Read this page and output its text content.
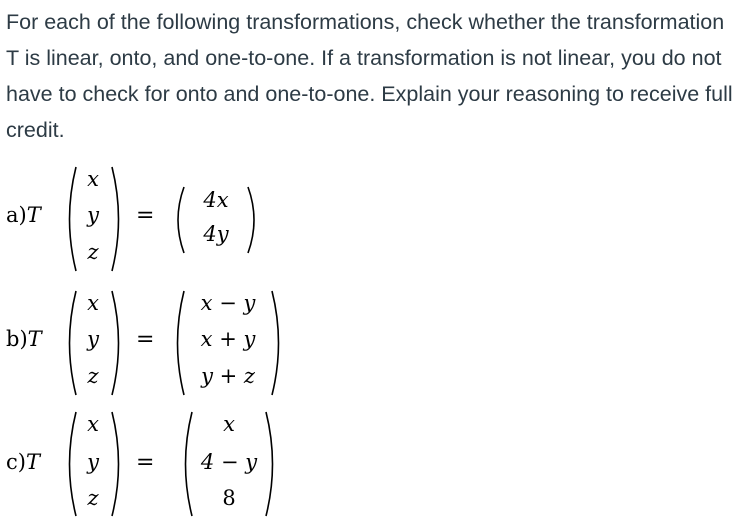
For each of the following transformations, check whether the transformation T is linear, onto, and one-to-one. If a transformation is not linear, you do not have to check for onto and one-to-one. Explain your reasoning to receive full credit.

a)T
x
y
z
=
4x
4y
b)T
x
y
z
=
x − y
x + y
y + z
c)T
x
y
z
=
x
4 − y
8
